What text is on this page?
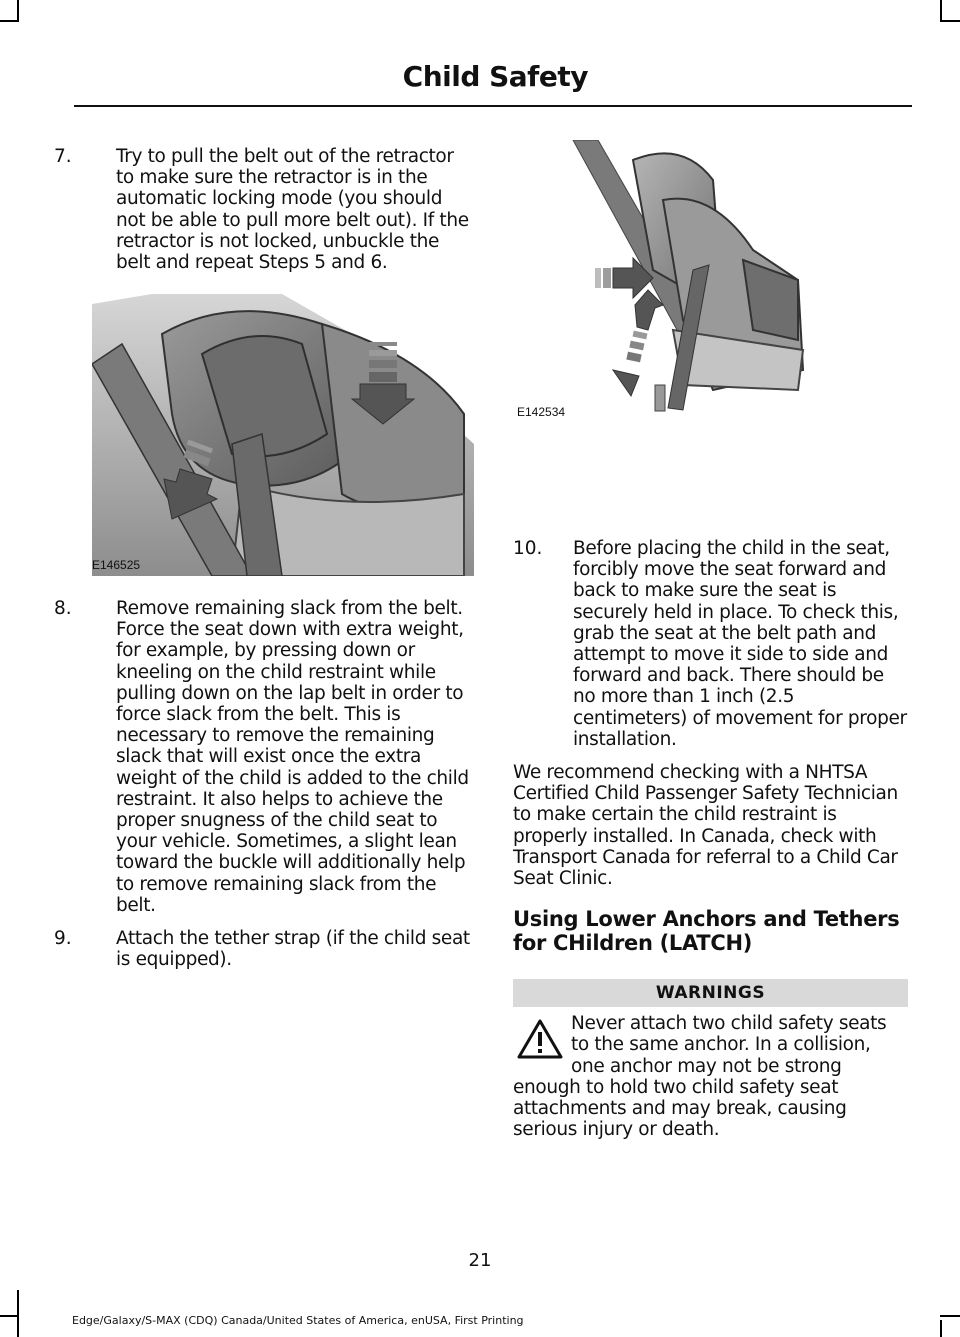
Child Safety
7.	Try to pull the belt out of the retractor to make sure the retractor is in the automatic locking mode (you should not be able to pull more belt out). If the retractor is not locked, unbuckle the belt and repeat Steps 5 and 6.
E146525
8.	Remove remaining slack from the belt. Force the seat down with extra weight, for example, by pressing down or kneeling on the child restraint while pulling down on the lap belt in order to force slack from the belt. This is necessary to remove the remaining slack that will exist once the extra weight of the child is added to the child restraint. It also helps to achieve the proper snugness of the child seat to your vehicle. Sometimes, a slight lean toward the buckle will additionally help to remove remaining slack from the belt.
9.	Attach the tether strap (if the child seat is equipped).
E142534
10.	Before placing the child in the seat, forcibly move the seat forward and back to make sure the seat is securely held in place. To check this, grab the seat at the belt path and attempt to move it side to side and forward and back. There should be no more than 1 inch (2.5 centimeters) of movement for proper installation.
We recommend checking with a NHTSA Certified Child Passenger Safety Technician to make certain the child restraint is properly installed. In Canada, check with Transport Canada for referral to a Child Car Seat Clinic.
Using Lower Anchors and Tethers for CHildren (LATCH)
WARNINGS
Never attach two child safety seats to the same anchor. In a collision, one anchor may not be strong enough to hold two child safety seat attachments and may break, causing serious injury or death.
21
Edge/Galaxy/S-MAX (CDQ) Canada/United States of America, enUSA, First Printing
